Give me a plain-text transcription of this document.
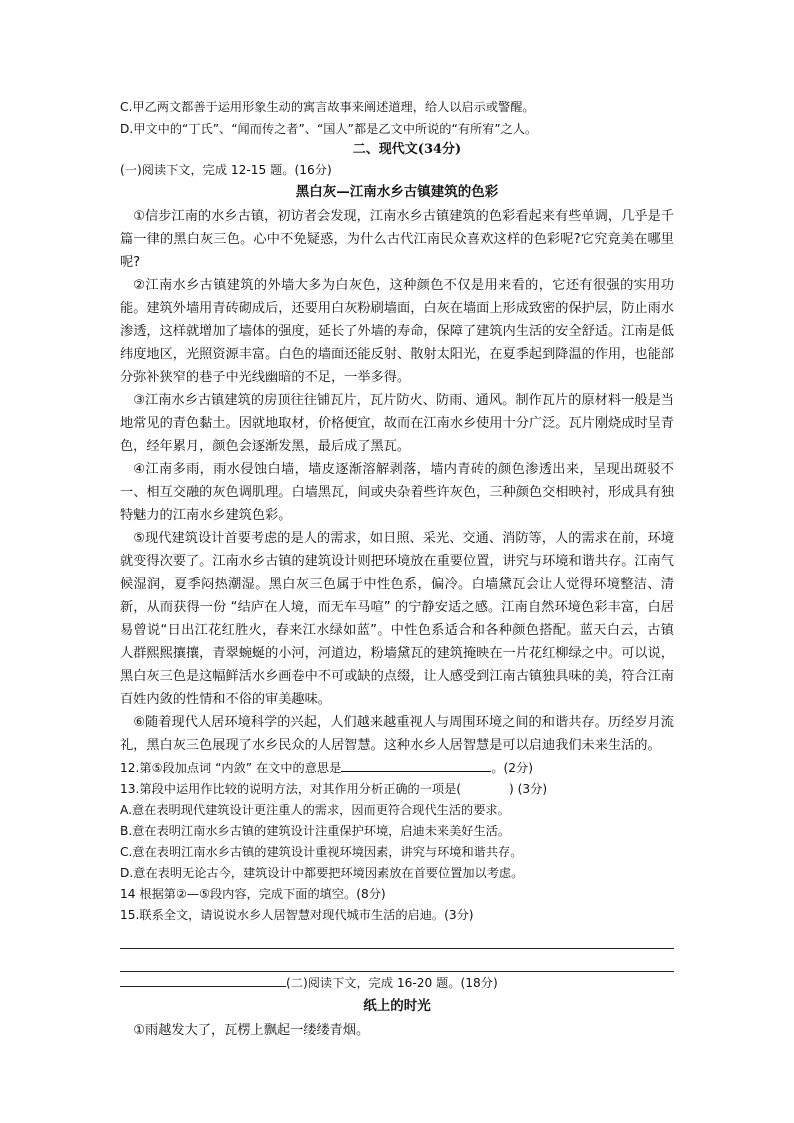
C.甲乙两文都善于运用形象生动的寓言故事来阐述道理，给人以启示或警醒。
D.甲文中的“丁氏”、“闻而传之者”、“国人”都是乙文中所说的“有所宥”之人。
二、现代文(34分)
(一)阅读下文，完成 12-15 题。(16分)
黑白灰—江南水乡古镇建筑的色彩

①信步江南的水乡古镇，初访者会发现，江南水乡古镇建筑的色彩看起来有些单调，几乎是千篇一律的黑白灰三色。心中不免疑惑，为什么古代江南民众喜欢这样的色彩呢?它究竟美在哪里呢?

②江南水乡古镇建筑的外墙大多为白灰色，这种颜色不仅是用来看的，它还有很强的实用功能。建筑外墙用青砖砌成后，还要用白灰粉刷墙面，白灰在墙面上形成致密的保护层，防止雨水渗透，这样就增加了墙体的强度，延长了外墙的寿命，保障了建筑内生活的安全舒适。江南是低纬度地区，光照资源丰富。白色的墙面还能反射、散射太阳光，在夏季起到降温的作用，也能部分弥补狭窄的巷子中光线幽暗的不足，一举多得。

③江南水乡古镇建筑的房顶往往铺瓦片，瓦片防火、防雨、通风。制作瓦片的原材料一般是当地常见的青色黏土。因就地取材，价格便宜，故而在江南水乡使用十分广泛。瓦片刚烧成时呈青色，经年累月，颜色会逐渐发黑，最后成了黑瓦。

④江南多雨，雨水侵蚀白墙，墙皮逐渐溶解剥落，墙内青砖的颜色渗透出来，呈现出斑驳不一、相互交融的灰色调肌理。白墙黑瓦，间或央杂着些许灰色，三种颜色交相映衬，形成具有独特魅力的江南水乡建筑色彩。

⑤现代建筑设计首要考虑的是人的需求，如日照、采光、交通、消防等，人的需求在前，环境就变得次要了。江南水乡古镇的建筑设计则把环境放在重要位置，讲究与环境和谐共存。江南气候湿润，夏季闷热潮湿。黑白灰三色属于中性色系，偏冷。白墙黛瓦会让人觉得环境整洁、清新，从而获得一份 “结庐在人境，而无车马喧” 的宁静安适之感。江南自然环境色彩丰富，白居易曾说“日出江花红胜火，春来江水绿如蓝”。中性色系适合和各种颜色搭配。蓝天白云，古镇人群熙熙攘攘，青翠蜿蜒的小河，河道边，粉墙黛瓦的建筑掩映在一片花红柳绿之中。可以说，黑白灰三色是这幅鲜活水乡画卷中不可或缺的点缀，让人感受到江南古镇独具味的美，符合江南百姓内敛的性情和不俗的审美趣味。

⑥随着现代人居环境科学的兴起，人们越来越重视人与周围环境之间的和谐共存。历经岁月流礼，黑白灰三色展现了水乡民众的人居智慧。这种水乡人居智慧是可以启迪我们未来生活的。

12.第⑤段加点词 “内敛” 在文中的意思是	。(2分)
13.第段中运用作比较的说明方法，对其作用分析正确的一项是(	) (3分)
A.意在表明现代建筑设计更注重人的需求，因而更符合现代生活的要求。
B.意在表明江南水乡古镇的建筑设计注重保护环境，启迪未来美好生活。
C.意在表明江南水乡古镇的建筑设计重视环境因素，讲究与环境和谐共存。
D.意在表明无论古今，建筑设计中都要把环境因素放在首要位置加以考虑。
14 根据第②—⑤段内容，完成下面的填空。(8分)
15.联系全文，请说说水乡人居智慧对现代城市生活的启迪。(3分)
(二)阅读下文，完成 16-20 题。(18分)
纸上的时光

①雨越发大了，瓦楞上飘起一缕缕青烟。
